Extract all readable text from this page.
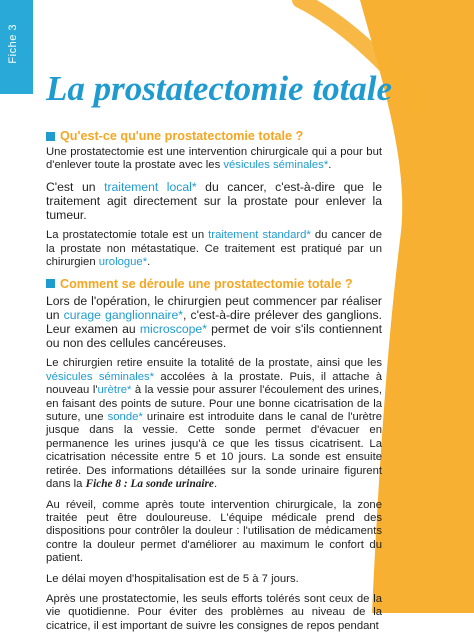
Fiche 3
La prostatectomie totale
Qu'est-ce qu'une prostatectomie totale ?

Une prostatectomie est une intervention chirurgicale qui a pour but d'enlever toute la prostate avec les vésicules séminales*.

C'est un traitement local* du cancer, c'est-à-dire que le traitement agit directement sur la prostate pour enlever la tumeur.

La prostatectomie totale est un traitement standard* du cancer de la prostate non métastatique. Ce traitement est pratiqué par un chirurgien urologue*.

Comment se déroule une prostatectomie totale ?

Lors de l'opération, le chirurgien peut commencer par réaliser un curage ganglionnaire*, c'est-à-dire prélever des ganglions. Leur examen au microscope* permet de voir s'ils contiennent ou non des cellules cancéreuses.

Le chirurgien retire ensuite la totalité de la prostate, ainsi que les vésicules séminales* accolées à la prostate. Puis, il attache à nouveau l'urètre* à la vessie pour assurer l'écoulement des urines, en faisant des points de suture. Pour une bonne cicatrisation de la suture, une sonde* urinaire est introduite dans le canal de l'urètre jusque dans la vessie. Cette sonde permet d'évacuer en permanence les urines jusqu'à ce que les tissus cicatrisent. La cicatrisation nécessite entre 5 et 10 jours. La sonde est ensuite retirée. Des informations détaillées sur la sonde urinaire figurent dans la Fiche 8 : La sonde urinaire.

Au réveil, comme après toute intervention chirurgicale, la zone traitée peut être douloureuse. L'équipe médicale prend des dispositions pour contrôler la douleur : l'utilisation de médicaments contre la douleur permet d'améliorer au maximum le confort du patient.

Le délai moyen d'hospitalisation est de 5 à 7 jours.

Après une prostatectomie, les seuls efforts tolérés sont ceux de la vie quotidienne. Pour éviter des problèmes au niveau de la cicatrice, il est important de suivre les consignes de repos pendant
